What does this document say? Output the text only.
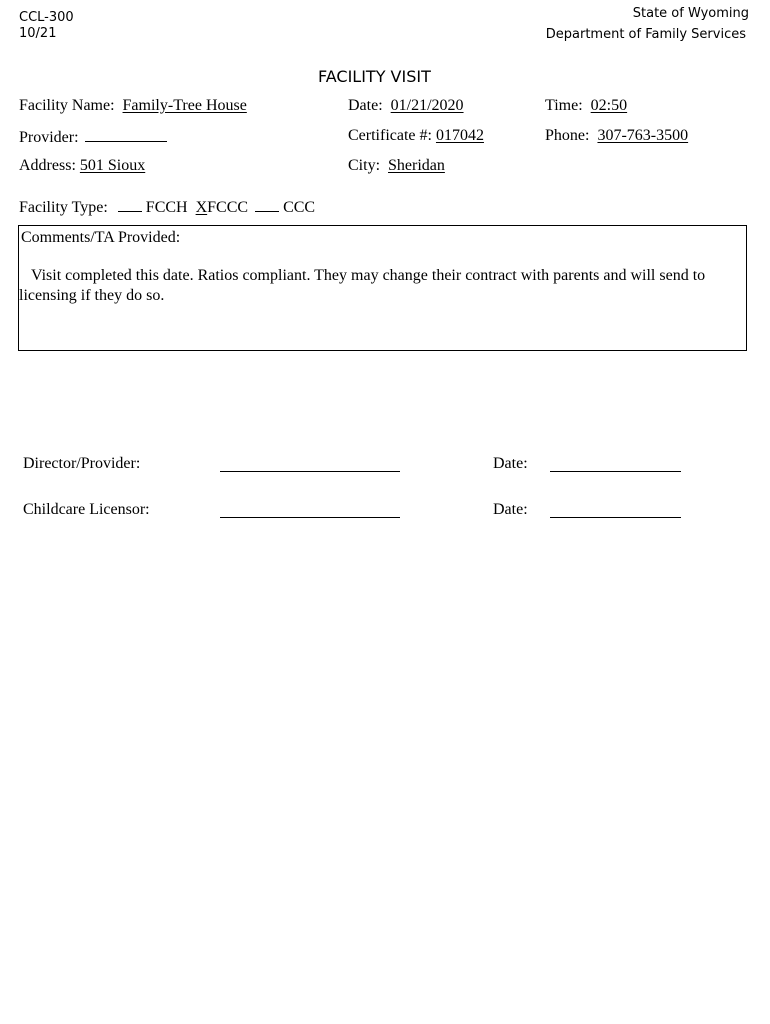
CCL-300
10/21
State of Wyoming
Department of Family Services
FACILITY VISIT
Facility Name: Family-Tree House	Date: 01/21/2020	Time: 02:50
Provider:	Certificate #: 017042	Phone: 307-763-3500
Address: 501 Sioux	City: Sheridan
Facility Type: FCCH XFCCC CCC
Comments/TA Provided:
Visit completed this date. Ratios compliant. They may change their contract with parents and will send to licensing if they do so.
Director/Provider:	Date:
Childcare Licensor:	Date:
